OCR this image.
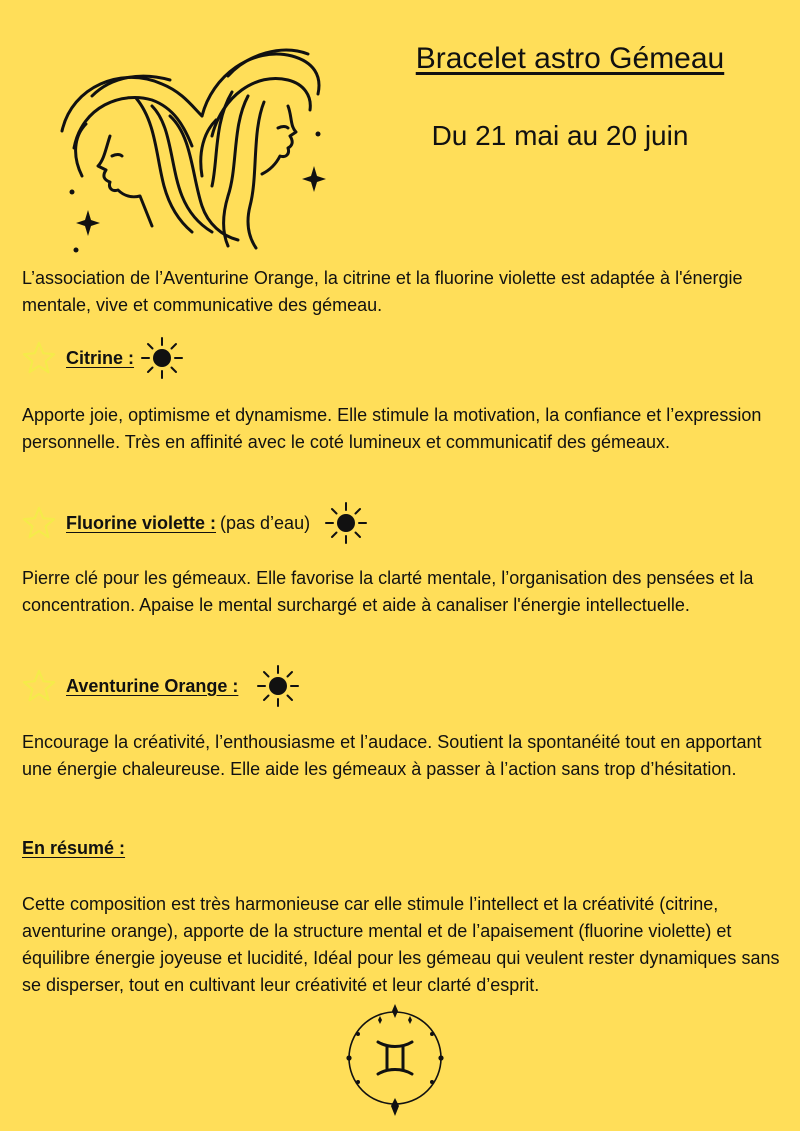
Bracelet astro Gémeau
Du 21 mai au 20 juin
L’association de l’Aventurine Orange, la citrine et la fluorine violette est adaptée à l'énergie mentale, vive et communicative des gémeau.
Citrine :
Apporte joie, optimisme et dynamisme. Elle stimule la motivation, la confiance et l’expression personnelle. Très en affinité avec le coté lumineux et communicatif des gémeaux.
Fluorine violette : (pas d’eau)
Pierre clé pour les gémeaux. Elle favorise la clarté mentale, l’organisation des pensées et la concentration. Apaise le mental surchargé et aide à canaliser l'énergie intellectuelle.
Aventurine Orange :
Encourage la créativité, l’enthousiasme et l’audace. Soutient la spontanéité tout en apportant une énergie chaleureuse. Elle aide les gémeaux à passer à l’action sans trop d’hésitation.
En résumé :
Cette composition est très harmonieuse car elle stimule l’intellect et la créativité (citrine, aventurine orange), apporte de la structure mental et de l’apaisement (fluorine violette) et équilibre énergie joyeuse et lucidité, Idéal pour les gémeau qui veulent rester dynamiques sans se disperser, tout en cultivant leur créativité et leur clarté d’esprit.
